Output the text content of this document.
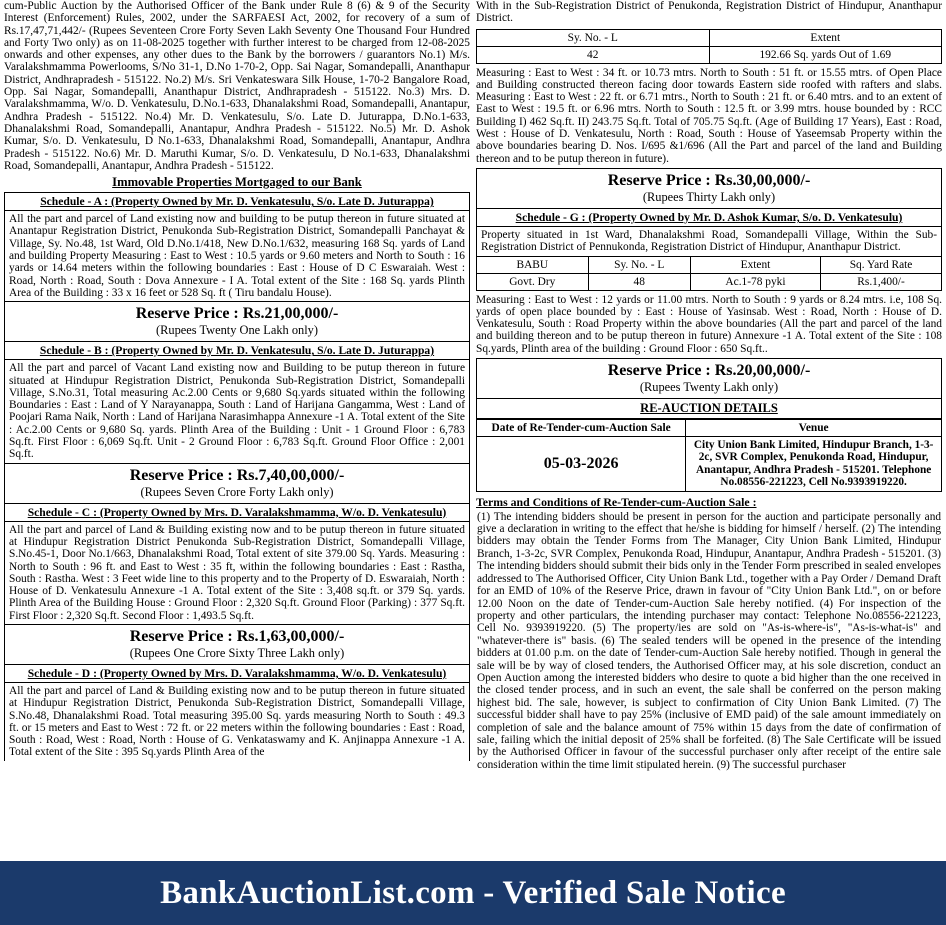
cum-Public Auction by the Authorised Officer of the Bank under Rule 8 (6) & 9 of the Security Interest (Enforcement) Rules, 2002, under the SARFAESI Act, 2002, for recovery of a sum of Rs.17,47,71,442/- (Rupees Seventeen Crore Forty Seven Lakh Seventy One Thousand Four Hundred and Forty Two only) as on 11-08-2025 together with further interest to be charged from 12-08-2025 onwards and other expenses, any other dues to the Bank by the borrowers / guarantors No.1) M/s. Varalakshmamma Powerlooms, S/No 31-1, D.No 1-70-2, Opp. Sai Nagar, Somandepalli, Ananthapur District, Andhrapradesh - 515122. No.2) M/s. Sri Venkateswara Silk House, 1-70-2 Bangalore Road, Opp. Sai Nagar, Somandepalli, Ananthapur District, Andhrapradesh - 515122. No.3) Mrs. D. Varalakshmamma, W/o. D. Venkatesulu, D.No.1-633, Dhanalakshmi Road, Somandepalli, Anantapur, Andhra Pradesh - 515122. No.4) Mr. D. Venkatesulu, S/o. Late D. Juturappa, D.No.1-633, Dhanalakshmi Road, Somandepalli, Anantapur, Andhra Pradesh - 515122. No.5) Mr. D. Ashok Kumar, S/o. D. Venkatesulu, D No.1-633, Dhanalakshmi Road, Somandepalli, Anantapur, Andhra Pradesh - 515122. No.6) Mr. D. Maruthi Kumar, S/o. D. Venkatesulu, D No.1-633, Dhanalakshmi Road, Somandepalli, Anantapur, Andhra Pradesh - 515122.

Immovable Properties Mortgaged to our Bank
Schedule - A : (Property Owned by Mr. D. Venkatesulu, S/o. Late D. Juturappa)
All the part and parcel of Land existing now and building to be putup thereon in future situated at Anantapur Registration District, Penukonda Sub-Registration District, Somandepalli Panchayat & Village, Sy. No.48, 1st Ward, Old D.No.1/418, New D.No.1/632, measuring 168 Sq. yards of Land and building Property Measuring : East to West : 10.5 yards or 9.60 meters and North to South : 16 yards or 14.64 meters within the following boundaries : East : House of D C Eswaraiah. West : Road, North : Road, South : Dova Annexure - I A. Total extent of the Site : 168 Sq. yards Plinth Area of the Building : 33 x 16 feet or 528 Sq. ft ( Tiru bandalu House).
Reserve Price : Rs.21,00,000/-
(Rupees Twenty One Lakh only)
Schedule - B : (Property Owned by Mr. D. Venkatesulu, S/o. Late D. Juturappa)
All the part and parcel of Vacant Land existing now and Building to be putup thereon in future situated at Hindupur Registration District, Penukonda Sub-Registration District, Somandepalli Village, S.No.31, Total measuring Ac.2.00 Cents or 9,680 Sq.yards situated within the following Boundaries : East : Land of Y Narayanappa, South : Land of Harijana Gangamma, West : Land of Poojari Rama Naik, North : Land of Harijana Narasimhappa Annexure -1 A. Total extent of the Site : Ac.2.00 Cents or 9,680 Sq. yards. Plinth Area of the Building : Unit - 1 Ground Floor : 6,783 Sq.ft. First Floor : 6,069 Sq.ft. Unit - 2 Ground Floor : 6,783 Sq.ft. Ground Floor Office : 2,001 Sq.ft.
Reserve Price : Rs.7,40,00,000/-
(Rupees Seven Crore Forty Lakh only)
Schedule - C : (Property Owned by Mrs. D. Varalakshmamma, W/o. D. Venkatesulu)
All the part and parcel of Land & Building existing now and to be putup thereon in future situated at Hindupur Registration District Penukonda Sub-Registration District, Somandepalli Village, S.No.45-1, Door No.1/663, Dhanalakshmi Road, Total extent of site 379.00 Sq. Yards. Measuring : North to South : 96 ft. and East to West : 35 ft, within the following boundaries : East : Rastha, South : Rastha. West : 3 Feet wide line to this property and to the Property of D. Eswaraiah, North : House of D. Venkatesulu Annexure -1 A. Total extent of the Site : 3,408 sq.ft. or 379 Sq. yards. Plinth Area of the Building House : Ground Floor : 2,320 Sq.ft. Ground Floor (Parking) : 377 Sq.ft. First Floor : 2,320 Sq.ft. Second Floor : 1,493.5 Sq.ft.
Reserve Price : Rs.1,63,00,000/-
(Rupees One Crore Sixty Three Lakh only)
Schedule - D : (Property Owned by Mrs. D. Varalakshmamma, W/o. D. Venkatesulu)
All the part and parcel of Land & Building existing now and to be putup thereon in future situated at Hindupur Registration District, Penukonda Sub-Registration District, Somandepalli Village, S.No.48, Dhanalakshmi Road. Total measuring 395.00 Sq. yards measuring North to South : 49.3 ft. or 15 meters and East to West : 72 ft. or 22 meters within the following boundaries : East : Road, South : Road, West : Road, North : House of G. Venkataswamy and K. Anjinappa Annexure -1 A. Total extent of the Site : 395 Sq.yards Plinth Area of the

With in the Sub-Registration District of Penukonda, Registration District of Hindupur, Ananthapur District.

Sy. No. - L	Extent
42	192.66 Sq. yards Out of 1.69

Measuring : East to West : 34 ft. or 10.73 mtrs. North to South : 51 ft. or 15.55 mtrs. of Open Place and Building constructed thereon facing door towards Eastern side roofed with rafters and slabs. Measuring : East to West : 22 ft. or 6.71 mtrs., North to South : 21 ft. or 6.40 mtrs. and to an extent of East to West : 19.5 ft. or 6.96 mtrs. North to South : 12.5 ft. or 3.99 mtrs. house bounded by : RCC Building I) 462 Sq.ft. II) 243.75 Sq.ft. Total of 705.75 Sq.ft. (Age of Building 17 Years), East : Road, West : House of D. Venkatesulu, North : Road, South : House of Yaseemsab Property within the above boundaries bearing D. Nos. I/695 &1/696 (All the Part and parcel of the land and Building thereon and to be putup thereon in future).

Reserve Price : Rs.30,00,000/-
(Rupees Thirty Lakh only)
Schedule - G : (Property Owned by Mr. D. Ashok Kumar, S/o. D. Venkatesulu)
Property situated in 1st Ward, Dhanalakshmi Road, Somandepalli Village, Within the Sub-Registration District of Pennukonda, Registration District of Hindupur, Ananthapur District.
BABU	Sy. No. - L	Extent	Sq. Yard Rate
Govt. Dry	48	Ac.1-78 pyki	Rs.1,400/-

Measuring : East to West : 12 yards or 11.00 mtrs. North to South : 9 yards or 8.24 mtrs. i.e, 108 Sq. yards of open place bounded by : East : House of Yasinsab. West : Road, North : House of D. Venkatesulu, South : Road Property within the above boundaries (All the part and parcel of the land and building thereon and to be putup thereon in future) Annexure -1 A. Total extent of the Site : 108 Sq.yards, Plinth area of the building : Ground Floor : 650 Sq.ft..

Reserve Price : Rs.20,00,000/-
(Rupees Twenty Lakh only)
RE-AUCTION DETAILS
Date of Re-Tender-cum-Auction Sale	Venue
05-03-2026	City Union Bank Limited, Hindupur Branch, 1-3-2c, SVR Complex, Penukonda Road, Hindupur, Anantapur, Andhra Pradesh - 515201. Telephone No.08556-221223, Cell No.9393919220.
Terms and Conditions of Re-Tender-cum-Auction Sale :

(1) The intending bidders should be present in person for the auction and participate personally and give a declaration in writing to the effect that he/she is bidding for himself / herself. (2) The intending bidders may obtain the Tender Forms from The Manager, City Union Bank Limited, Hindupur Branch, 1-3-2c, SVR Complex, Penukonda Road, Hindupur, Anantapur, Andhra Pradesh - 515201. (3) The intending bidders should submit their bids only in the Tender Form prescribed in sealed envelopes addressed to The Authorised Officer, City Union Bank Ltd., together with a Pay Order / Demand Draft for an EMD of 10% of the Reserve Price, drawn in favour of "City Union Bank Ltd.", on or before 12.00 Noon on the date of Tender-cum-Auction Sale hereby notified. (4) For inspection of the property and other particulars, the intending purchaser may contact: Telephone No.08556-221223, Cell No. 9393919220. (5) The property/ies are sold on "As-is-where-is", "As-is-what-is" and "whatever-there is" basis. (6) The sealed tenders will be opened in the presence of the intending bidders at 01.00 p.m. on the date of Tender-cum-Auction Sale hereby notified. Though in general the sale will be by way of closed tenders, the Authorised Officer may, at his sole discretion, conduct an Open Auction among the interested bidders who desire to quote a bid higher than the one received in the closed tender process, and in such an event, the sale shall be conferred on the person making highest bid. The sale, however, is subject to confirmation of City Union Bank Limited. (7) The successful bidder shall have to pay 25% (inclusive of EMD paid) of the sale amount immediately on completion of sale and the balance amount of 75% within 15 days from the date of confirmation of sale, failing which the initial deposit of 25% shall be forfeited. (8) The Sale Certificate will be issued by the Authorised Officer in favour of the successful purchaser only after receipt of the entire sale consideration within the time limit stipulated herein. (9) The successful purchaser

BankAuctionList.com - Verified Sale Notice
